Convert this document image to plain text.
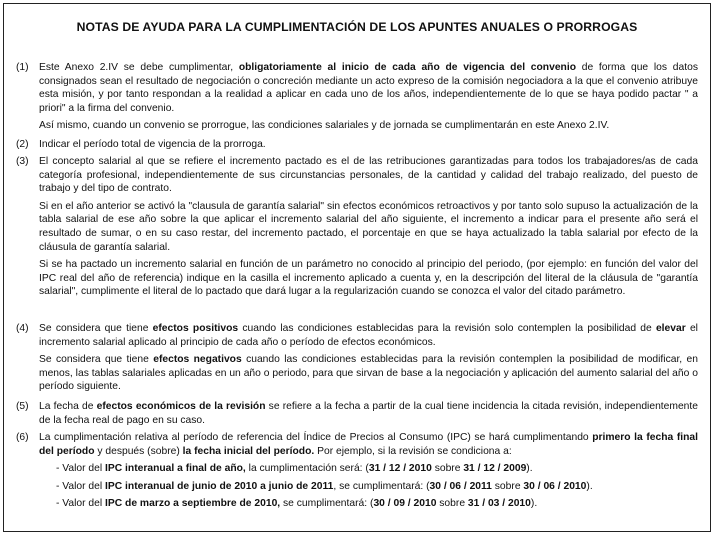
NOTAS DE AYUDA PARA LA CUMPLIMENTACIÓN DE LOS APUNTES ANUALES O PRORROGAS
(1) Este Anexo 2.IV se debe cumplimentar, obligatoriamente al inicio de cada año de vigencia del convenio de forma que los datos consignados sean el resultado de negociación o concreción mediante un acto expreso de la comisión negociadora a la que el convenio atribuye esta misión, y por tanto respondan a la realidad a aplicar en cada uno de los años, independientemente de lo que se haya podido pactar " a priori" a la firma del convenio.

Así mismo, cuando un convenio se prorrogue, las condiciones salariales y de jornada se cumplimentarán en este Anexo 2.IV.

(2) Indicar el período total de vigencia de la prorroga.

(3) El concepto salarial al que se refiere el incremento pactado es el de las retribuciones garantizadas para todos los trabajadores/as de cada categoría profesional, independientemente de sus circunstancias personales, de la cantidad y calidad del trabajo realizado, del puesto de trabajo y del tipo de contrato.

Si en el año anterior se activó la "clausula de garantía salarial" sin efectos económicos retroactivos y por tanto solo supuso la actualización de la tabla salarial de ese año sobre la que aplicar el incremento salarial del año siguiente, el incremento a indicar para el presente año será el resultado de sumar, o en su caso restar, del incremento pactado, el porcentaje en que se haya actualizado la tabla salarial por efecto de la cláusula de garantía salarial.

Si se ha pactado un incremento salarial en función de un parámetro no conocido al principio del periodo, (por ejemplo: en función del valor del IPC real del año de referencia) indique en la casilla el incremento aplicado a cuenta y, en la descripción del literal de la cláusula de "garantía salarial", cumplimente el literal de lo pactado que dará lugar a la regularización cuando se conozca el valor del citado parámetro.

(4) Se considera que tiene efectos positivos cuando las condiciones establecidas para la revisión solo contemplen la posibilidad de elevar el incremento salarial aplicado al principio de cada año o período de efectos económicos.

Se considera que tiene efectos negativos cuando las condiciones establecidas para la revisión contemplen la posibilidad de modificar, en menos, las tablas salariales aplicadas en un año o periodo, para que sirvan de base a la negociación y aplicación del aumento salarial del año o período siguiente.

(5) La fecha de efectos económicos de la revisión se refiere a la fecha a partir de la cual tiene incidencia la citada revisión, independientemente de la fecha real de pago en su caso.

(6) La cumplimentación relativa al período de referencia del Índice de Precios al Consumo (IPC) se hará cumplimentando primero la fecha final del período y después (sobre) la fecha inicial del período. Por ejemplo, si la revisión se condiciona a:

- Valor del IPC interanual a final de año, la cumplimentación será: (31 / 12 / 2010 sobre 31 / 12 / 2009).

- Valor del IPC interanual de junio de 2010 a junio de 2011, se cumplimentará: (30 / 06 / 2011 sobre 30 / 06 / 2010).

- Valor del IPC de marzo a septiembre de 2010, se cumplimentará: (30 / 09 / 2010 sobre 31 / 03 / 2010).
